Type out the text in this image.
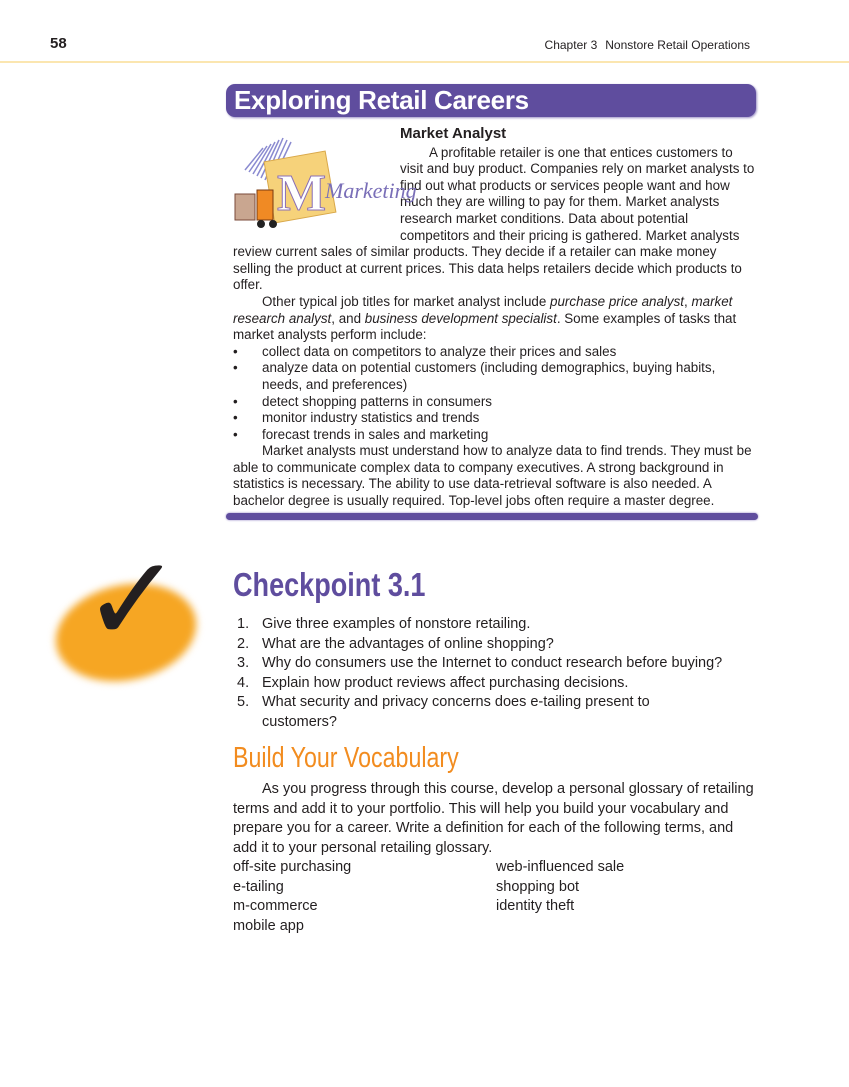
58	Chapter 3 Nonstore Retail Operations
Exploring Retail Careers
M
Marketing
Market Analyst

A profitable retailer is one that entices customers to visit and buy product. Companies rely on market analysts to find out what products or services people want and how much they are willing to pay for them. Market analysts research market conditions. Data about potential competitors and their pricing is gathered. Market analysts review current sales of similar products. They decide if a retailer can make money selling the product at current prices. This data helps retailers decide which products to offer.

Other typical job titles for market analyst include purchase price analyst, market research analyst, and business development specialist. Some examples of tasks that market analysts perform include:

• collect data on competitors to analyze their prices and sales
• analyze data on potential customers (including demographics, buying habits, needs, and preferences)
• detect shopping patterns in consumers
• monitor industry statistics and trends
• forecast trends in sales and marketing

Market analysts must understand how to analyze data to find trends. They must be able to communicate complex data to company executives. A strong background in statistics is necessary. The ability to use data-retrieval software is also needed. A bachelor degree is usually required. Top-level jobs often require a master degree.

✓ Checkpoint 3.1
1. Give three examples of nonstore retailing.
2. What are the advantages of online shopping?
3. Why do consumers use the Internet to conduct research before buying?
4. Explain how product reviews affect purchasing decisions.
5. What security and privacy concerns does e-tailing present to customers?
Build Your Vocabulary

As you progress through this course, develop a personal glossary of retailing terms and add it to your portfolio. This will help you build your vocabulary and prepare you for a career. Write a definition for each of the following terms, and add it to your personal retailing glossary.

off-site purchasing	web-influenced sale
e-tailing	shopping bot
m-commerce	identity theft
mobile app
